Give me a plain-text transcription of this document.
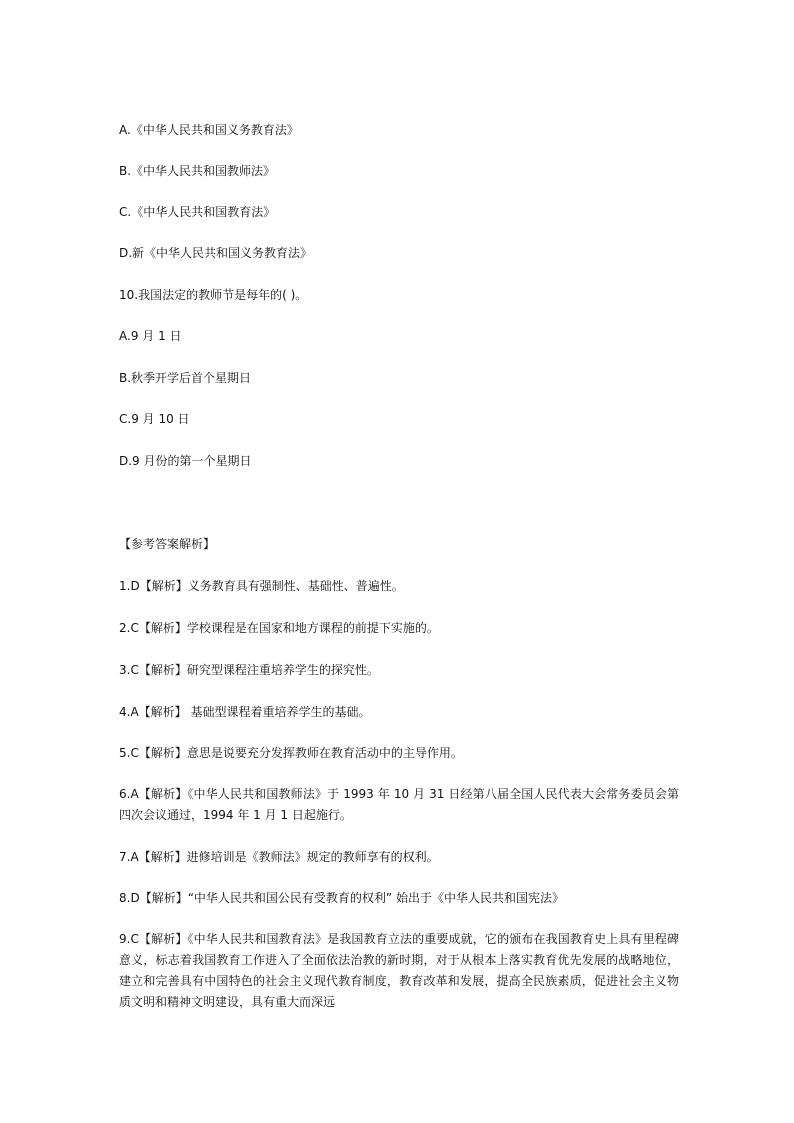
A.《中华人民共和国义务教育法》
B.《中华人民共和国教师法》
C.《中华人民共和国教育法》
D.新《中华人民共和国义务教育法》
10.我国法定的教师节是每年的( )。
A.9 月 1 日
B.秋季开学后首个星期日
C.9 月 10 日
D.9 月份的第一个星期日
【参考答案解析】
1.D【解析】义务教育具有强制性、基础性、普遍性。
2.C【解析】学校课程是在国家和地方课程的前提下实施的。
3.C【解析】研究型课程注重培养学生的探究性。
4.A【解析】 基础型课程着重培养学生的基础。
5.C【解析】意思是说要充分发挥教师在教育活动中的主导作用。
6.A【解析】《中华人民共和国教师法》于 1993 年 10 月 31 日经第八届全国人民代表大会常务委员会第四次会议通过，1994 年 1 月 1 日起施行。
7.A【解析】进修培训是《教师法》规定的教师享有的权利。
8.D【解析】“中华人民共和国公民有受教育的权利” 始出于《中华人民共和国宪法》
9.C【解析】《中华人民共和国教育法》是我国教育立法的重要成就，它的颁布在我国教育史上具有里程碑意义，标志着我国教育工作进入了全面依法治教的新时期，对于从根本上落实教育优先发展的战略地位，建立和完善具有中国特色的社会主义现代教育制度，教育改革和发展，提高全民族素质，促进社会主义物质文明和精神文明建设，具有重大而深远
